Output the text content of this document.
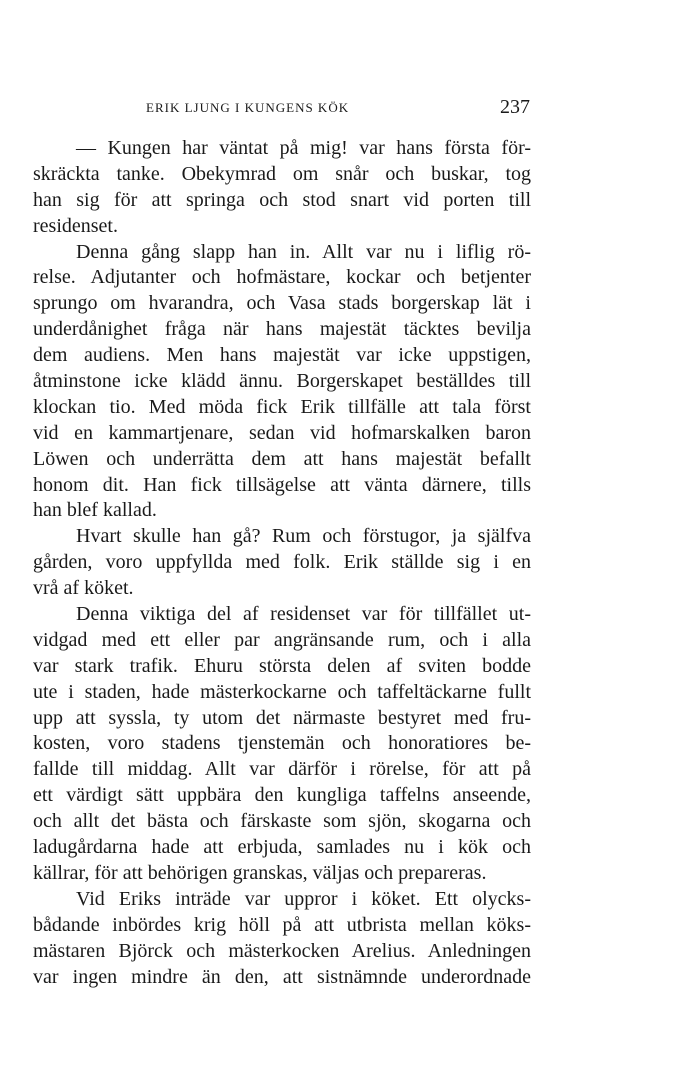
ERIK LJUNG I KUNGENS KÖK	237
— Kungen har väntat på mig! var hans första för-
skräckta tanke. Obekymrad om snår och buskar, tog
han sig för att springa och stod snart vid porten till
residenset.
Denna gång slapp han in. Allt var nu i liflig rö-
relse. Adjutanter och hofmästare, kockar och betjenter
sprungo om hvarandra, och Vasa stads borgerskap lät i
underdånighet fråga när hans majestät täcktes bevilja
dem audiens. Men hans majestät var icke uppstigen,
åtminstone icke klädd ännu. Borgerskapet beställdes till
klockan tio. Med möda fick Erik tillfälle att tala först
vid en kammartjenare, sedan vid hofmarskalken baron
Löwen och underrätta dem att hans majestät befallt
honom dit. Han fick tillsägelse att vänta därnere, tills
han blef kallad.
Hvart skulle han gå? Rum och förstugor, ja själfva
gården, voro uppfyllda med folk. Erik ställde sig i en
vrå af köket.
Denna viktiga del af residenset var för tillfället ut-
vidgad med ett eller par angränsande rum, och i alla
var stark trafik. Ehuru största delen af sviten bodde
ute i staden, hade mästerkockarne och taffeltäckarne fullt
upp att syssla, ty utom det närmaste bestyret med fru-
kosten, voro stadens tjenstemän och honoratiores be-
fallde till middag. Allt var därför i rörelse, för att på
ett värdigt sätt uppbära den kungliga taffelns anseende,
och allt det bästa och färskaste som sjön, skogarna och
ladugårdarna hade att erbjuda, samlades nu i kök och
källrar, för att behörigen granskas, väljas och prepareras.
Vid Eriks inträde var uppror i köket. Ett olycks-
bådande inbördes krig höll på att utbrista mellan köks-
mästaren Björck och mästerkocken Arelius. Anledningen
var ingen mindre än den, att sistnämnde underordnade
